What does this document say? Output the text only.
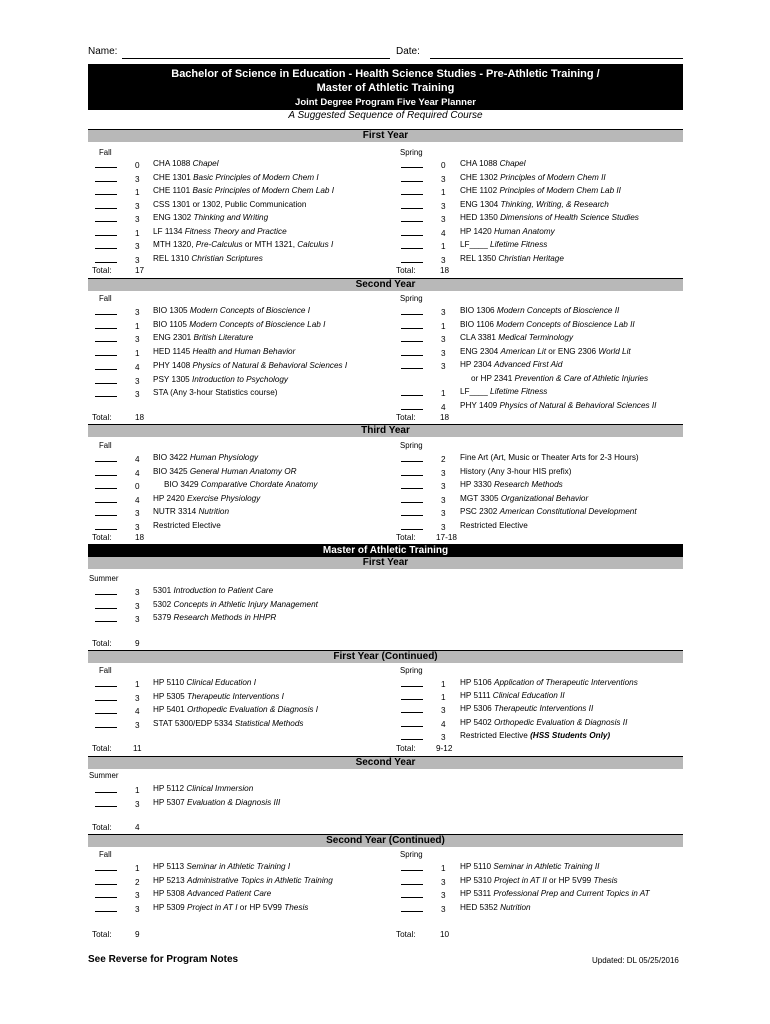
Name:	Date:
Bachelor of Science in Education - Health Science Studies - Pre-Athletic Training /
Master of Athletic Training
Joint Degree Program Five Year Planner
A Suggested Sequence of Required Course
First Year
Fall	Spring
0 CHA 1088 Chapel
3 CHE 1301 Basic Principles of Modern Chem I
1 CHE 1101 Basic Principles of Modern Chem Lab I
3 CSS 1301 or 1302, Public Communication
3 ENG 1302 Thinking and Writing
1 LF 1134 Fitness Theory and Practice
3 MTH 1320, Pre-Calculus or MTH 1321, Calculus I
3 REL 1310 Christian Scriptures
0 CHA 1088 Chapel
3 CHE 1302 Principles of Modern Chem II
1 CHE 1102 Principles of Modern Chem Lab II
3 ENG 1304 Thinking, Writing, & Research
3 HED 1350 Dimensions of Health Science Studies
4 HP 1420 Human Anatomy
1 LF____ Lifetime Fitness
3 REL 1350 Christian Heritage
Total:	17	Total:	18
Second Year
Fall	Spring
3 BIO 1305 Modern Concepts of Bioscience I
1 BIO 1105 Modern Concepts of Bioscience Lab I
3 ENG 2301 British Literature
1 HED 1145 Health and Human Behavior
4 PHY 1408 Physics of Natural & Behavioral Sciences I
3 PSY 1305 Introduction to Psychology
3 STA (Any 3-hour Statistics course)
3 BIO 1306 Modern Concepts of Bioscience II
1 BIO 1106 Modern Concepts of Bioscience Lab II
3 CLA 3381 Medical Terminology
3 ENG 2304 American Lit or ENG 2306 World Lit
3 HP 2304 Advanced First Aid
or HP 2341 Prevention & Care of Athletic Injuries
1 LF____ Lifetime Fitness
4 PHY 1409 Physics of Natural & Behavioral Sciences II
Total:	18	Total:	18
Third Year
Fall	Spring
4 BIO 3422 Human Physiology
4 BIO 3425 General Human Anatomy OR
0	BIO 3429 Comparative Chordate Anatomy
4 HP 2420 Exercise Physiology
3 NUTR 3314 Nutrition
3 Restricted Elective
2 Fine Art (Art, Music or Theater Arts for 2-3 Hours)
3 History (Any 3-hour HIS prefix)
3 HP 3330 Research Methods
3 MGT 3305 Organizational Behavior
3 PSC 2302 American Constitutional Development
3 Restricted Elective
Total:	18	Total: 17-18
Master of Athletic Training
First Year
Summer
3 5301 Introduction to Patient Care
3 5302 Concepts in Athletic Injury Management
3 5379 Research Methods in HHPR
Total:	9
First Year (Continued)
Fall	Spring
1 HP 5110 Clinical Education I
3 HP 5305 Therapeutic Interventions I
4 HP 5401 Orthopedic Evaluation & Diagnosis I
3 STAT 5300/EDP 5334 Statistical Methods
1 HP 5106 Application of Therapeutic Interventions
1 HP 5111 Clinical Education II
3 HP 5306 Therapeutic Interventions II
4 HP 5402 Orthopedic Evaluation & Diagnosis II
3 Restricted Elective (HSS Students Only)
Total:	11	Total: 9-12
Second Year
Summer
1 HP 5112 Clinical Immersion
3 HP 5307 Evaluation & Diagnosis III
Total:	4
Second Year (Continued)
Fall	Spring
1 HP 5113 Seminar in Athletic Training I
2 HP 5213 Administrative Topics in Athletic Training
3 HP 5308 Advanced Patient Care
3 HP 5309 Project in AT I or HP 5V99 Thesis
1 HP 5110 Seminar in Athletic Training II
3 HP 5310 Project in AT II or HP 5V99 Thesis
3 HP 5311 Professional Prep and Current Topics in AT
3 HED 5352 Nutrition
Total:	9	Total:	10
See Reverse for Program Notes	Updated: DL 05/25/2016
